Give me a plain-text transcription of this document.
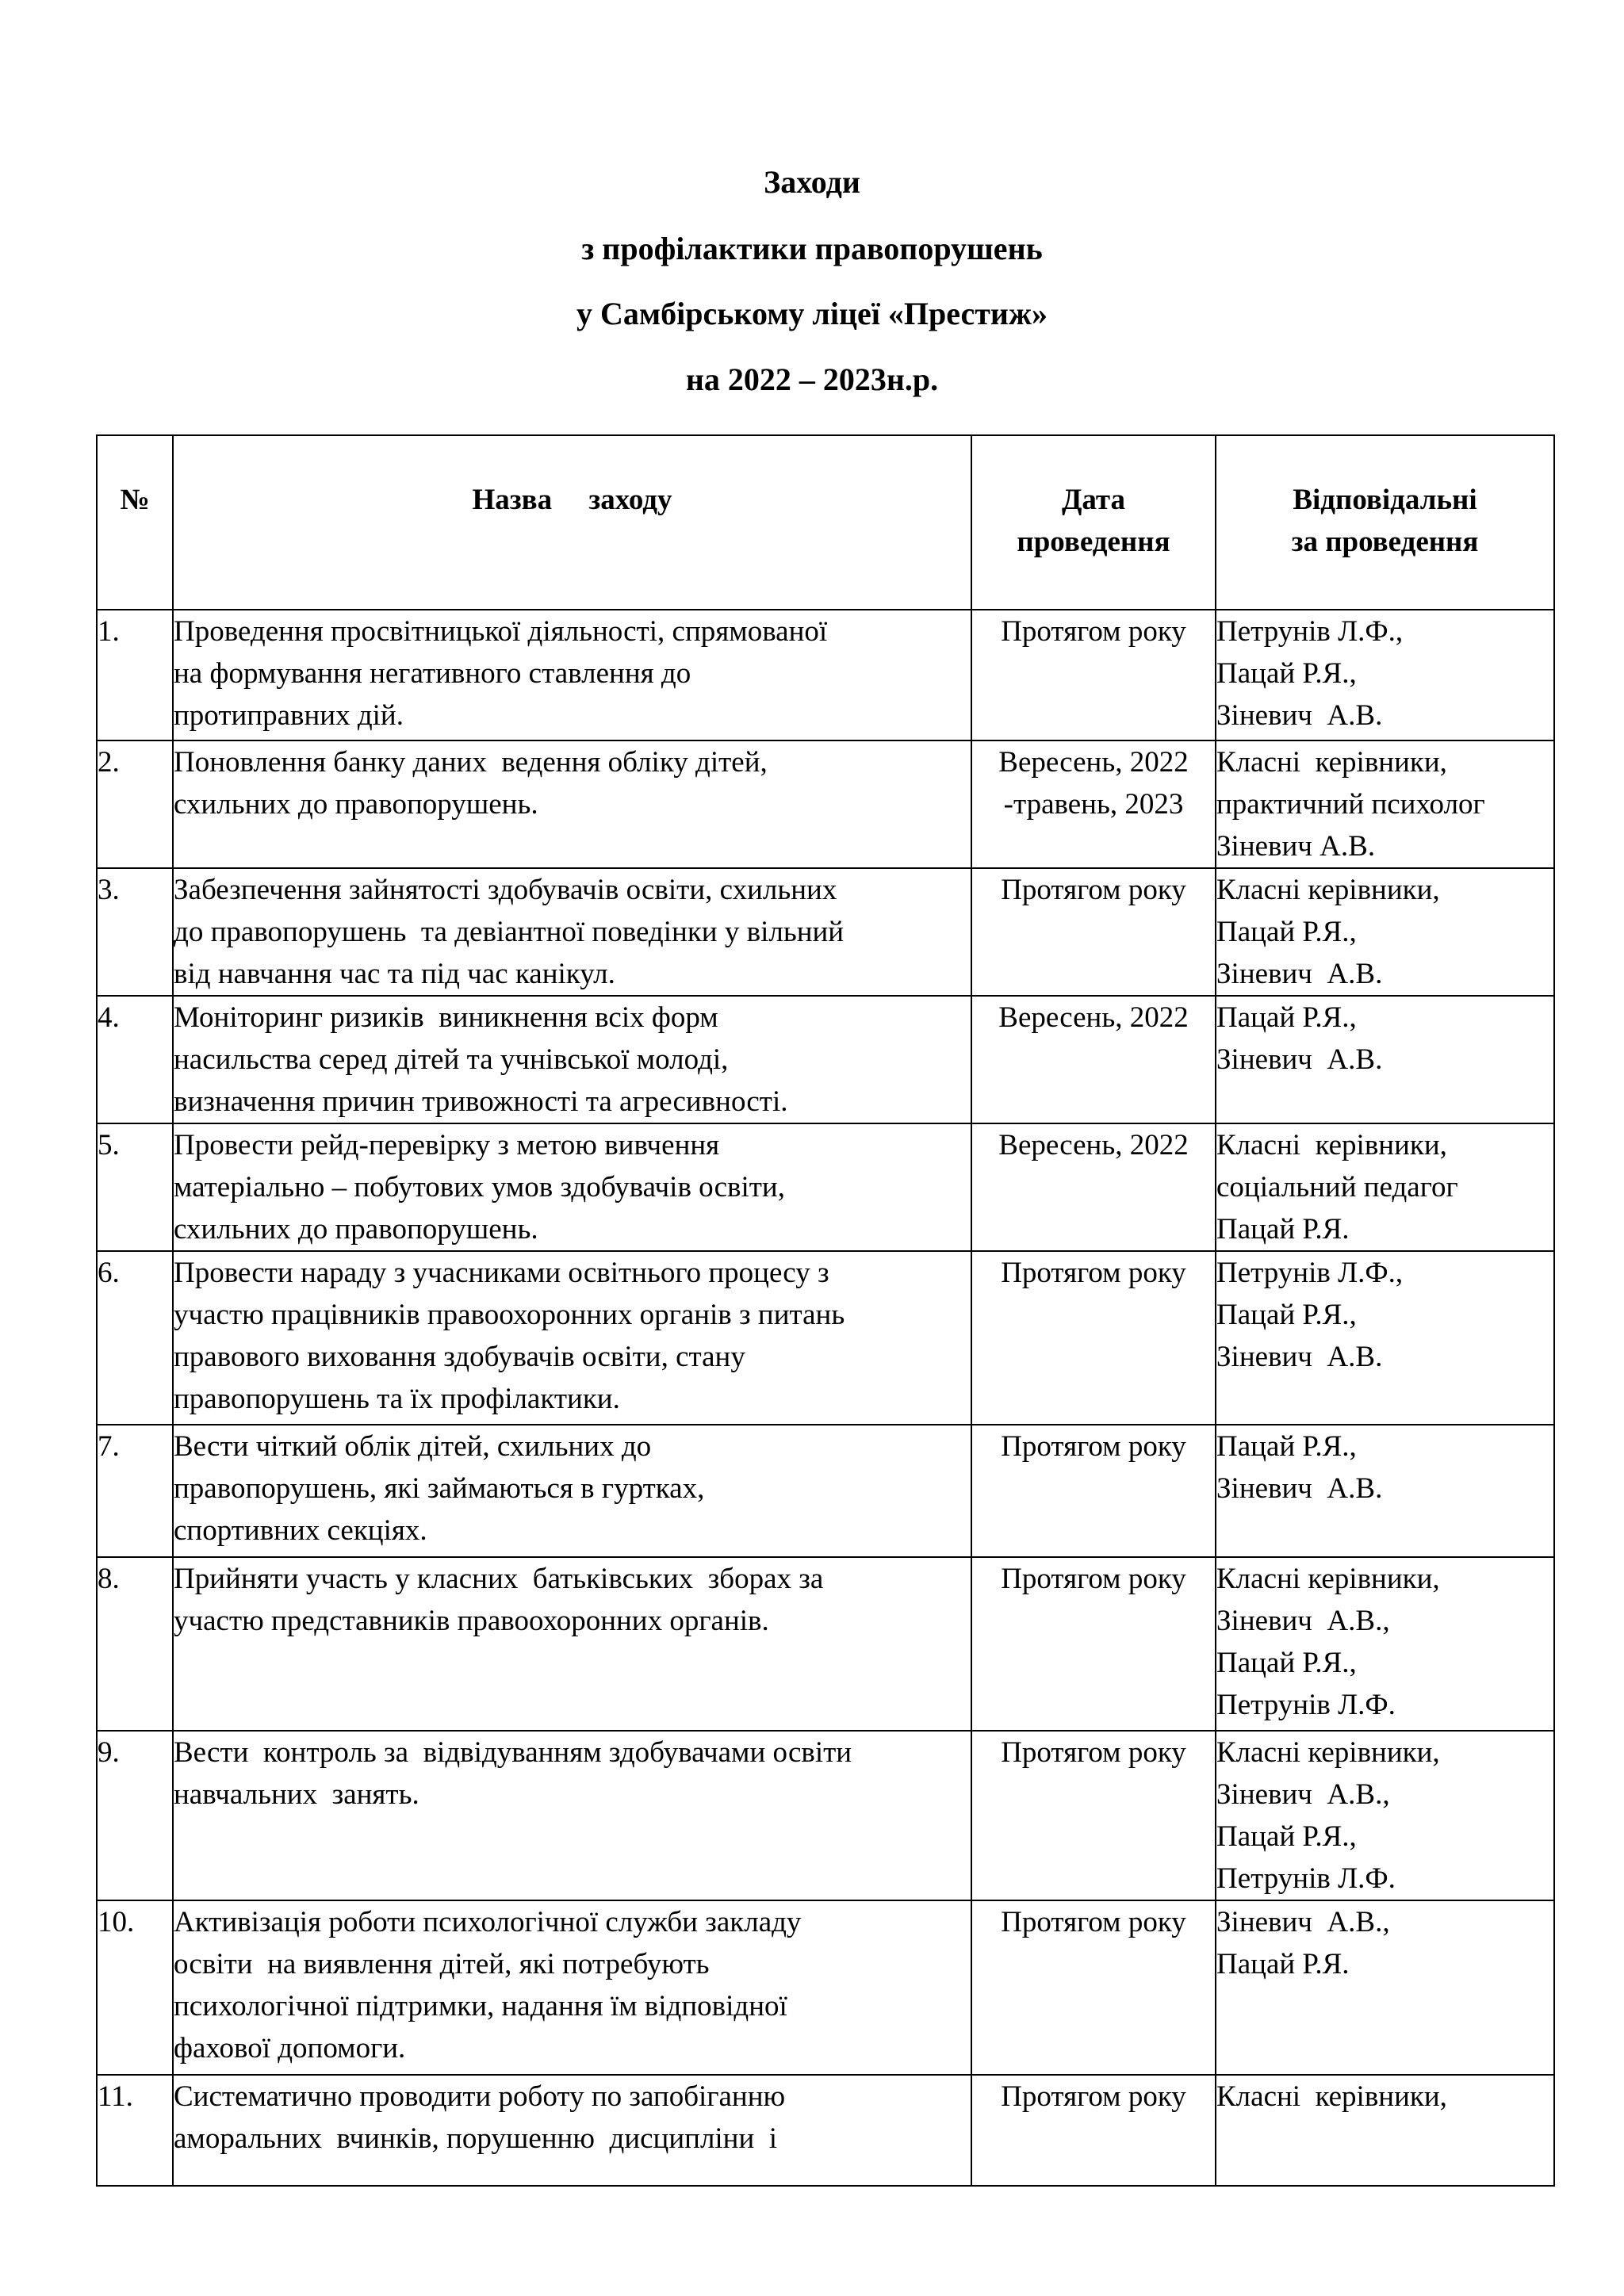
Заходи
з профілактики правопорушень
у Самбірському ліцеї «Престиж»
на 2022 – 2023н.р.
№	Назва     заходу	Дата
проведення	Відповідальні
за проведення

1.	Проведення просвітницької діяльності, спрямованої
на формування негативного ставлення до
протиправних дій.	Протягом року	Петрунів Л.Ф.,
Пацай Р.Я.,
Зіневич  А.В.

2.	Поновлення банку даних  ведення обліку дітей,
схильних до правопорушень.	Вересень, 2022
-травень, 2023	Класні  керівники,
практичний психолог
Зіневич А.В.

3.	Забезпечення зайнятості здобувачів освіти, схильних
до правопорушень  та девіантної поведінки у вільний
від навчання час та під час канікул.	Протягом року	Класні керівники,
Пацай Р.Я.,
Зіневич  А.В.

4.	Моніторинг ризиків  виникнення всіх форм
насильства серед дітей та учнівської молоді,
визначення причин тривожності та агресивності.	Вересень, 2022	Пацай Р.Я.,
Зіневич  А.В.

5.	Провести рейд-перевірку з метою вивчення
матеріально – побутових умов здобувачів освіти,
схильних до правопорушень.	Вересень, 2022	Класні  керівники,
соціальний педагог
Пацай Р.Я.

6.	Провести нараду з учасниками освітнього процесу з
участю працівників правоохоронних органів з питань
правового виховання здобувачів освіти, стану
правопорушень та їх профілактики.	Протягом року	Петрунів Л.Ф.,
Пацай Р.Я.,
Зіневич  А.В.

7.	Вести чіткий облік дітей, схильних до
правопорушень, які займаються в гуртках,
спортивних секціях.	Протягом року	Пацай Р.Я.,
Зіневич  А.В.

8.	Прийняти участь у класних  батьківських  зборах за
участю представників правоохоронних органів.	Протягом року	Класні керівники,
Зіневич  А.В.,
Пацай Р.Я.,
Петрунів Л.Ф.

9.	Вести  контроль за  відвідуванням здобувачами освіти
навчальних  занять.	Протягом року	Класні керівники,
Зіневич  А.В.,
Пацай Р.Я.,
Петрунів Л.Ф.

10.	Активізація роботи психологічної служби закладу
освіти  на виявлення дітей, які потребують
психологічної підтримки, надання їм відповідної
фахової допомоги.	Протягом року	Зіневич  А.В.,
Пацай Р.Я.

11.	Систематично проводити роботу по запобіганню
аморальних  вчинків, порушенню  дисципліни  і	Протягом року	Класні  керівники,
